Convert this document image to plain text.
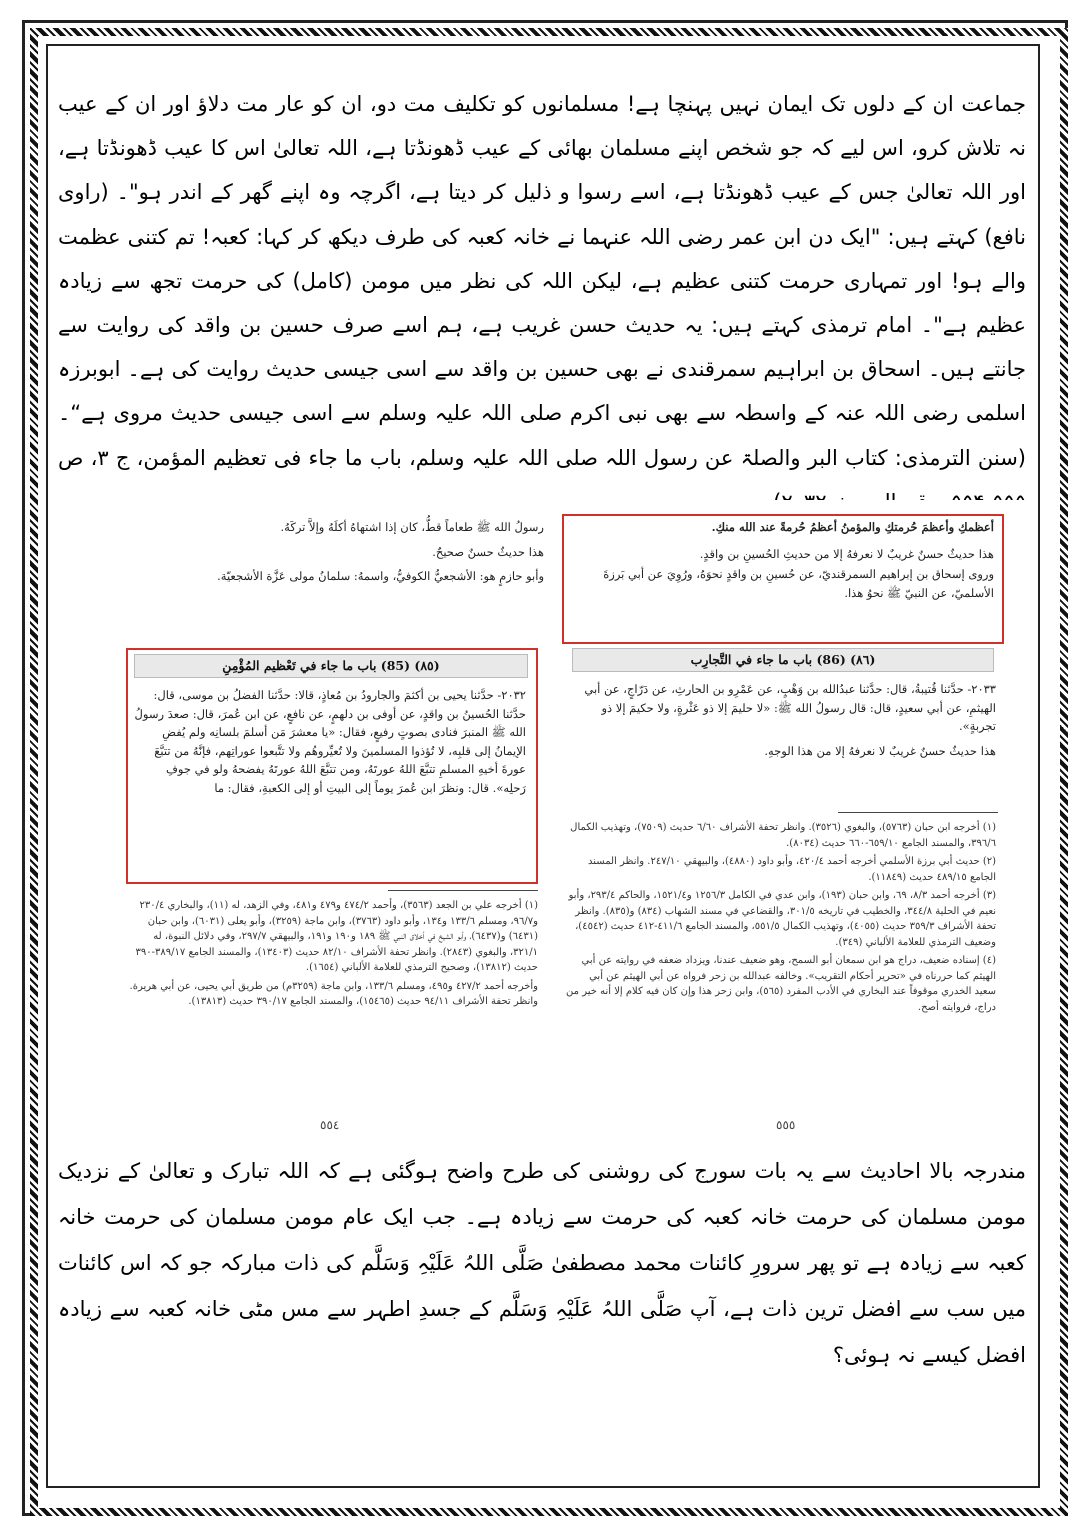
جماعت ان کے دلوں تک ایمان نہیں پہنچا ہے! مسلمانوں کو تکلیف مت دو، ان کو عار مت دلاؤ اور ان کے عیب نہ تلاش کرو، اس لیے کہ جو شخص اپنے مسلمان بھائی کے عیب ڈھونڈتا ہے، اللہ تعالیٰ اس کا عیب ڈھونڈتا ہے، اور اللہ تعالیٰ جس کے عیب ڈھونڈتا ہے، اسے رسوا و ذلیل کر دیتا ہے، اگرچہ وہ اپنے گھر کے اندر ہو"۔ (راوی نافع) کہتے ہیں: "ایک دن ابن عمر رضی اللہ عنہما نے خانہ کعبہ کی طرف دیکھ کر کہا: کعبہ! تم کتنی عظمت والے ہو! اور تمہاری حرمت کتنی عظیم ہے، لیکن اللہ کی نظر میں مومن (کامل) کی حرمت تجھ سے زیادہ عظیم ہے"۔ امام ترمذی کہتے ہیں: یہ حدیث حسن غریب ہے، ہم اسے صرف حسین بن واقد کی روایت سے جانتے ہیں۔ اسحاق بن ابراہیم سمرقندی نے بھی حسین بن واقد سے اسی جیسی حدیث روایت کی ہے۔ ابوبرزہ اسلمی رضی اللہ عنہ کے واسطہ سے بھی نبی اکرم صلی اللہ علیہ وسلم سے اسی جیسی حدیث مروی ہے“۔ (سنن الترمذی: کتاب البر والصلۃ عن رسول اللہ صلی اللہ علیہ وسلم، باب ما جاء فی تعظیم المؤمن، ج ۳، ص

أعظمكِ وأعظمَ حُرمتكِ والمؤمنُ أعظمُ حُرمةً عند الله منكِ.

هذا حديثٌ حسنٌ غريبٌ لا نعرفهُ إلا من حديثِ الحُسينِ بن واقدٍ.

وروى إسحاق بن إبراهيم السمرقنديّ، عن حُسينِ بن واقدٍ نحوَهُ، ورُوِيَ عن أبي بَرزةَ الأسلميّ، عن النبيّ ﷺ نحوُ هذا.

(٨٦) (86) باب ما جاء في التَّجارِب

٢٠٣٣- حدَّثنا قُتيبةُ، قال: حدَّثنا عبدُالله بن وَهْبٍ، عن عَمْرِو بن الحارثِ، عن دَرّاجٍ، عن أبي الهيثمِ، عن أبي سعيدٍ، قال: قال رسولُ الله ﷺ: «لا حليمَ إلا ذو عَثْرةٍ، ولا حكيمَ إلا ذو تجربةٍ».

هذا حديثٌ حسنٌ غريبٌ لا نعرفهُ إلا من هذا الوجهِ.

(١) أخرجه ابن حبان (٥٧٦٣)، والبغوي (٣٥٢٦). وانظر تحفة الأشراف ٦/٦٠ حديث (٧٥٠٩)، وتهذيب الكمال ٣٩٦/٦، والمسند الجامع ٦٥٩/١٠-٦٦٠ حديث (٨٠٣٤).

(٢) حديث أبي برزة الأسلمي أخرجه أحمد ٤٢٠/٤، وأبو داود (٤٨٨٠)، والبيهقي ٢٤٧/١٠. وانظر المسند الجامع ٤٨٩/١٥ حديث (١١٨٤٩).

(٣) أخرجه أحمد ٨/٣، ٦٩، وابن حبان (١٩٣)، وابن عدي في الكامل ١٢٥٦/٣ و١٥٢١/٤، والحاكم ٢٩٣/٤، وأبو نعيم في الحلية ٣٤٤/٨، والخطيب في تاريخه ٣٠١/٥، والقضاعي في مسند الشهاب (٨٣٤) و(٨٣٥). وانظر تحفة الأشراف ٣٥٩/٣ حديث (٤٠٥٥)، وتهذيب الكمال ٥٥١/٥، والمسند الجامع ٤١١/٦-٤١٢ حديث (٤٥٤٢)، وضعيف الترمذي للعلامة الألباني (٣٤٩).

(٤) إسناده ضعيف، دراج هو ابن سمعان أبو السمح، وهو ضعيف عندنا، ويزداد ضعفه في روايته عن أبي الهيثم كما حررناه في «تحرير أحكام التقريب». وخالفه عبدالله بن زحر فرواه عن أبي الهيثم عن أبي سعيد الخدري موقوفاً عند البخاري في الأدب المفرد (٥٦٥)، وابن زحر هذا وإن كان فيه كلام إلا أنه خير من دراج، فروايته أصح.

٥٥٥

رسولُ الله ﷺ طعاماً قطُّ، كان إذا اشتهاهُ أكلَهُ وإلاَّ تركَهُ.

هذا حديثٌ حسنٌ صحيحٌ.

وأبو حازمٍ هو: الأشجعيُّ الكوفيُّ، واسمهُ: سلمانُ مولى عَزَّة الأشجعيّة.

(٨٥) (85) باب ما جاء في تَعْظيم المُؤْمِنِ

٢٠٣٢- حدَّثنا يحيى بن أكثمَ والجارودُ بن مُعاذٍ، قالا: حدَّثنا الفضلُ بن موسى، قال: حدَّثنا الحُسينُ بن واقدٍ، عن أوفى بن دلهمٍ، عن نافعٍ، عن ابن عُمرَ، قال: صعدَ رسولُ الله ﷺ المنبرَ فنادى بصوتٍ رفيعٍ، فقال: «يا معشرَ مَن أسلمَ بلسانِه ولم يُفضِ الإيمانُ إلى قلبِه، لا تُؤذوا المسلمينَ ولا تُعيِّروهُم ولا تتَّبعوا عوراتِهم، فإنَّهُ من تتبَّعَ عورةَ أخيهِ المسلمِ تتبَّعَ اللهُ عورتَهُ، ومن تتبَّعَ اللهُ عورتَهُ يفضحهُ ولو في جوفِ رَحلِه». قال: ونظرَ ابن عُمرَ يوماً إلى البيتِ أو إلى الكعبةِ، فقال: ما

(١) أخرجه علي بن الجعد (٣٥٦٣)، وأحمد ٤٧٤/٢ و٤٧٩ و٤٨١، وفي الزهد، له (١١)، والبخاري ٢٣٠/٤ و٩٦/٧، ومسلم ١٣٣/٦ و١٣٤، وأبو داود (٣٧٦٣)، وابن ماجة (٣٢٥٩)، وأبو يعلى (٦٠٣١)، وابن حبان (٦٤٣١) و(٦٤٣٧)، وأبو الشيخ في أخلاق النبي ﷺ ١٨٩ و١٩٠ و١٩١، والبيهقي ٢٩٧/٧، وفي دلائل النبوة، له ٣٢١/١، والبغوي (٢٨٤٣). وانظر تحفة الأشراف ٨٢/١٠ حديث (١٣٤٠٣)، والمسند الجامع ٣٨٩/١٧-٣٩٠ حديث (١٣٨١٢)، وصحيح الترمذي للعلامة الألباني (١٦٥٤).

وأخرجه أحمد ٤٢٧/٢ و٤٩٥، ومسلم ١٣٣/٦، وابن ماجة (٣٢٥٩م) من طريق أبي يحيى، عن أبي هريرة. وانظر تحفة الأشراف ٩٤/١١ حديث (١٥٤٦٥)، والمسند الجامع ٣٩٠/١٧ حديث (١٣٨١٣).

٥٥٤
مندرجہ بالا احادیث سے یہ بات سورج کی روشنی کی طرح واضح ہوگئی ہے کہ اللہ تبارک و تعالیٰ کے نزدیک مومن مسلمان کی حرمت خانہ کعبہ کی حرمت سے زیادہ ہے۔ جب ایک عام مومن مسلمان کی حرمت خانہ کعبہ سے زیادہ ہے تو پھر سرورِ کائنات محمد مصطفیٰ صَلَّی اللہُ عَلَیْہِ وَسَلَّم کی ذات مبارکہ جو کہ اس کائنات میں سب سے افضل ترین ذات ہے، آپ صَلَّی اللہُ عَلَیْہِ وَسَلَّم کے جسدِ اطہر سے مس مٹی خانہ کعبہ سے زیادہ افضل کیسے نہ ہوئی؟
